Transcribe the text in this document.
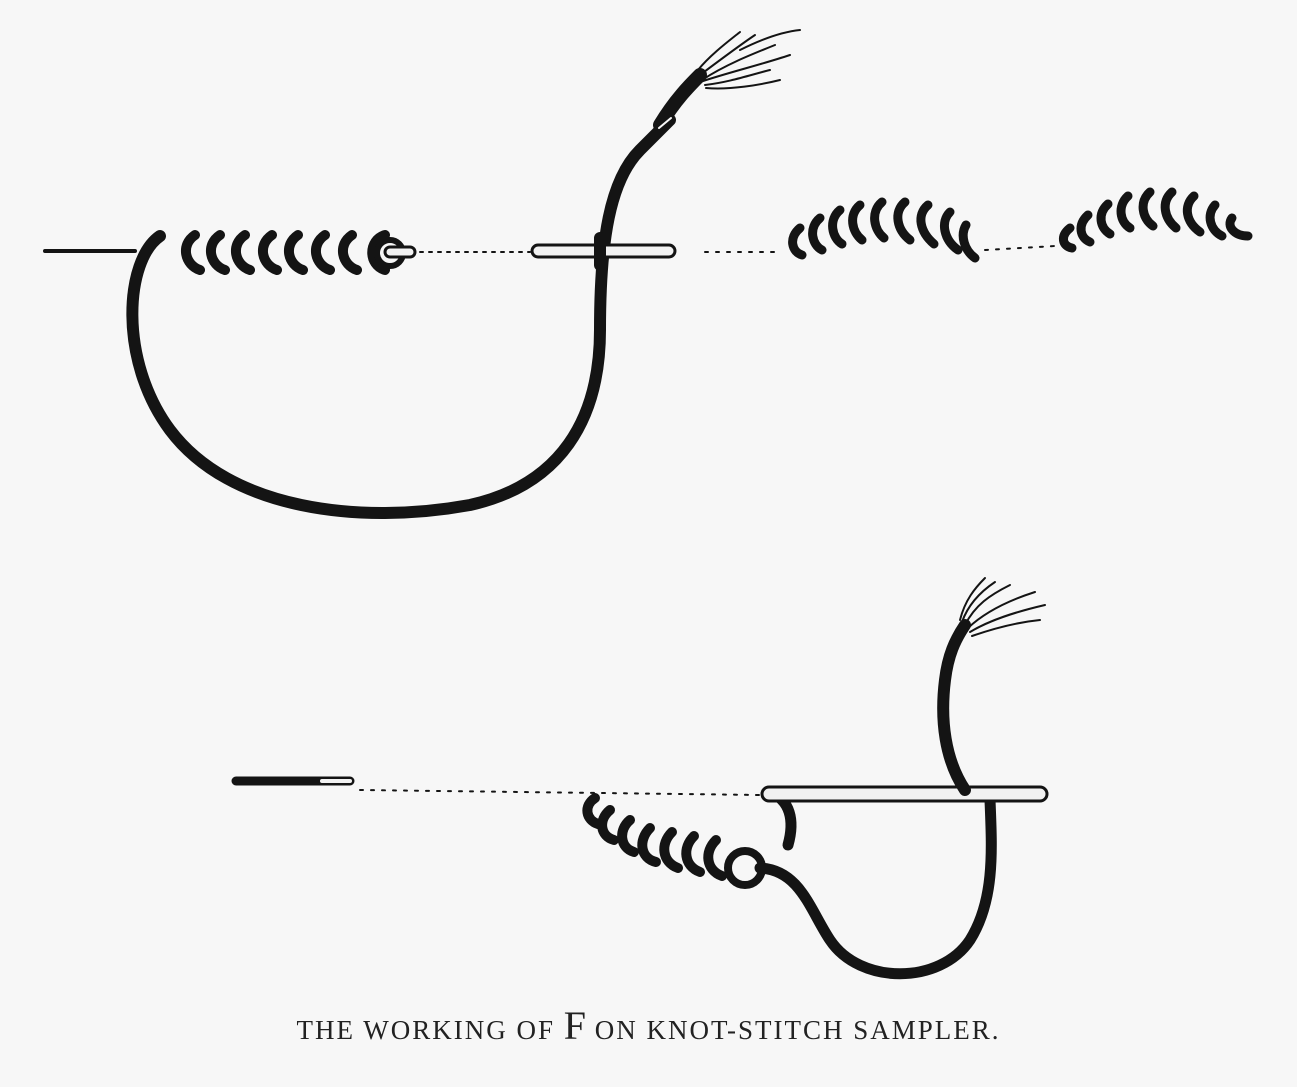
THE WORKING OF F ON KNOT-STITCH SAMPLER.
